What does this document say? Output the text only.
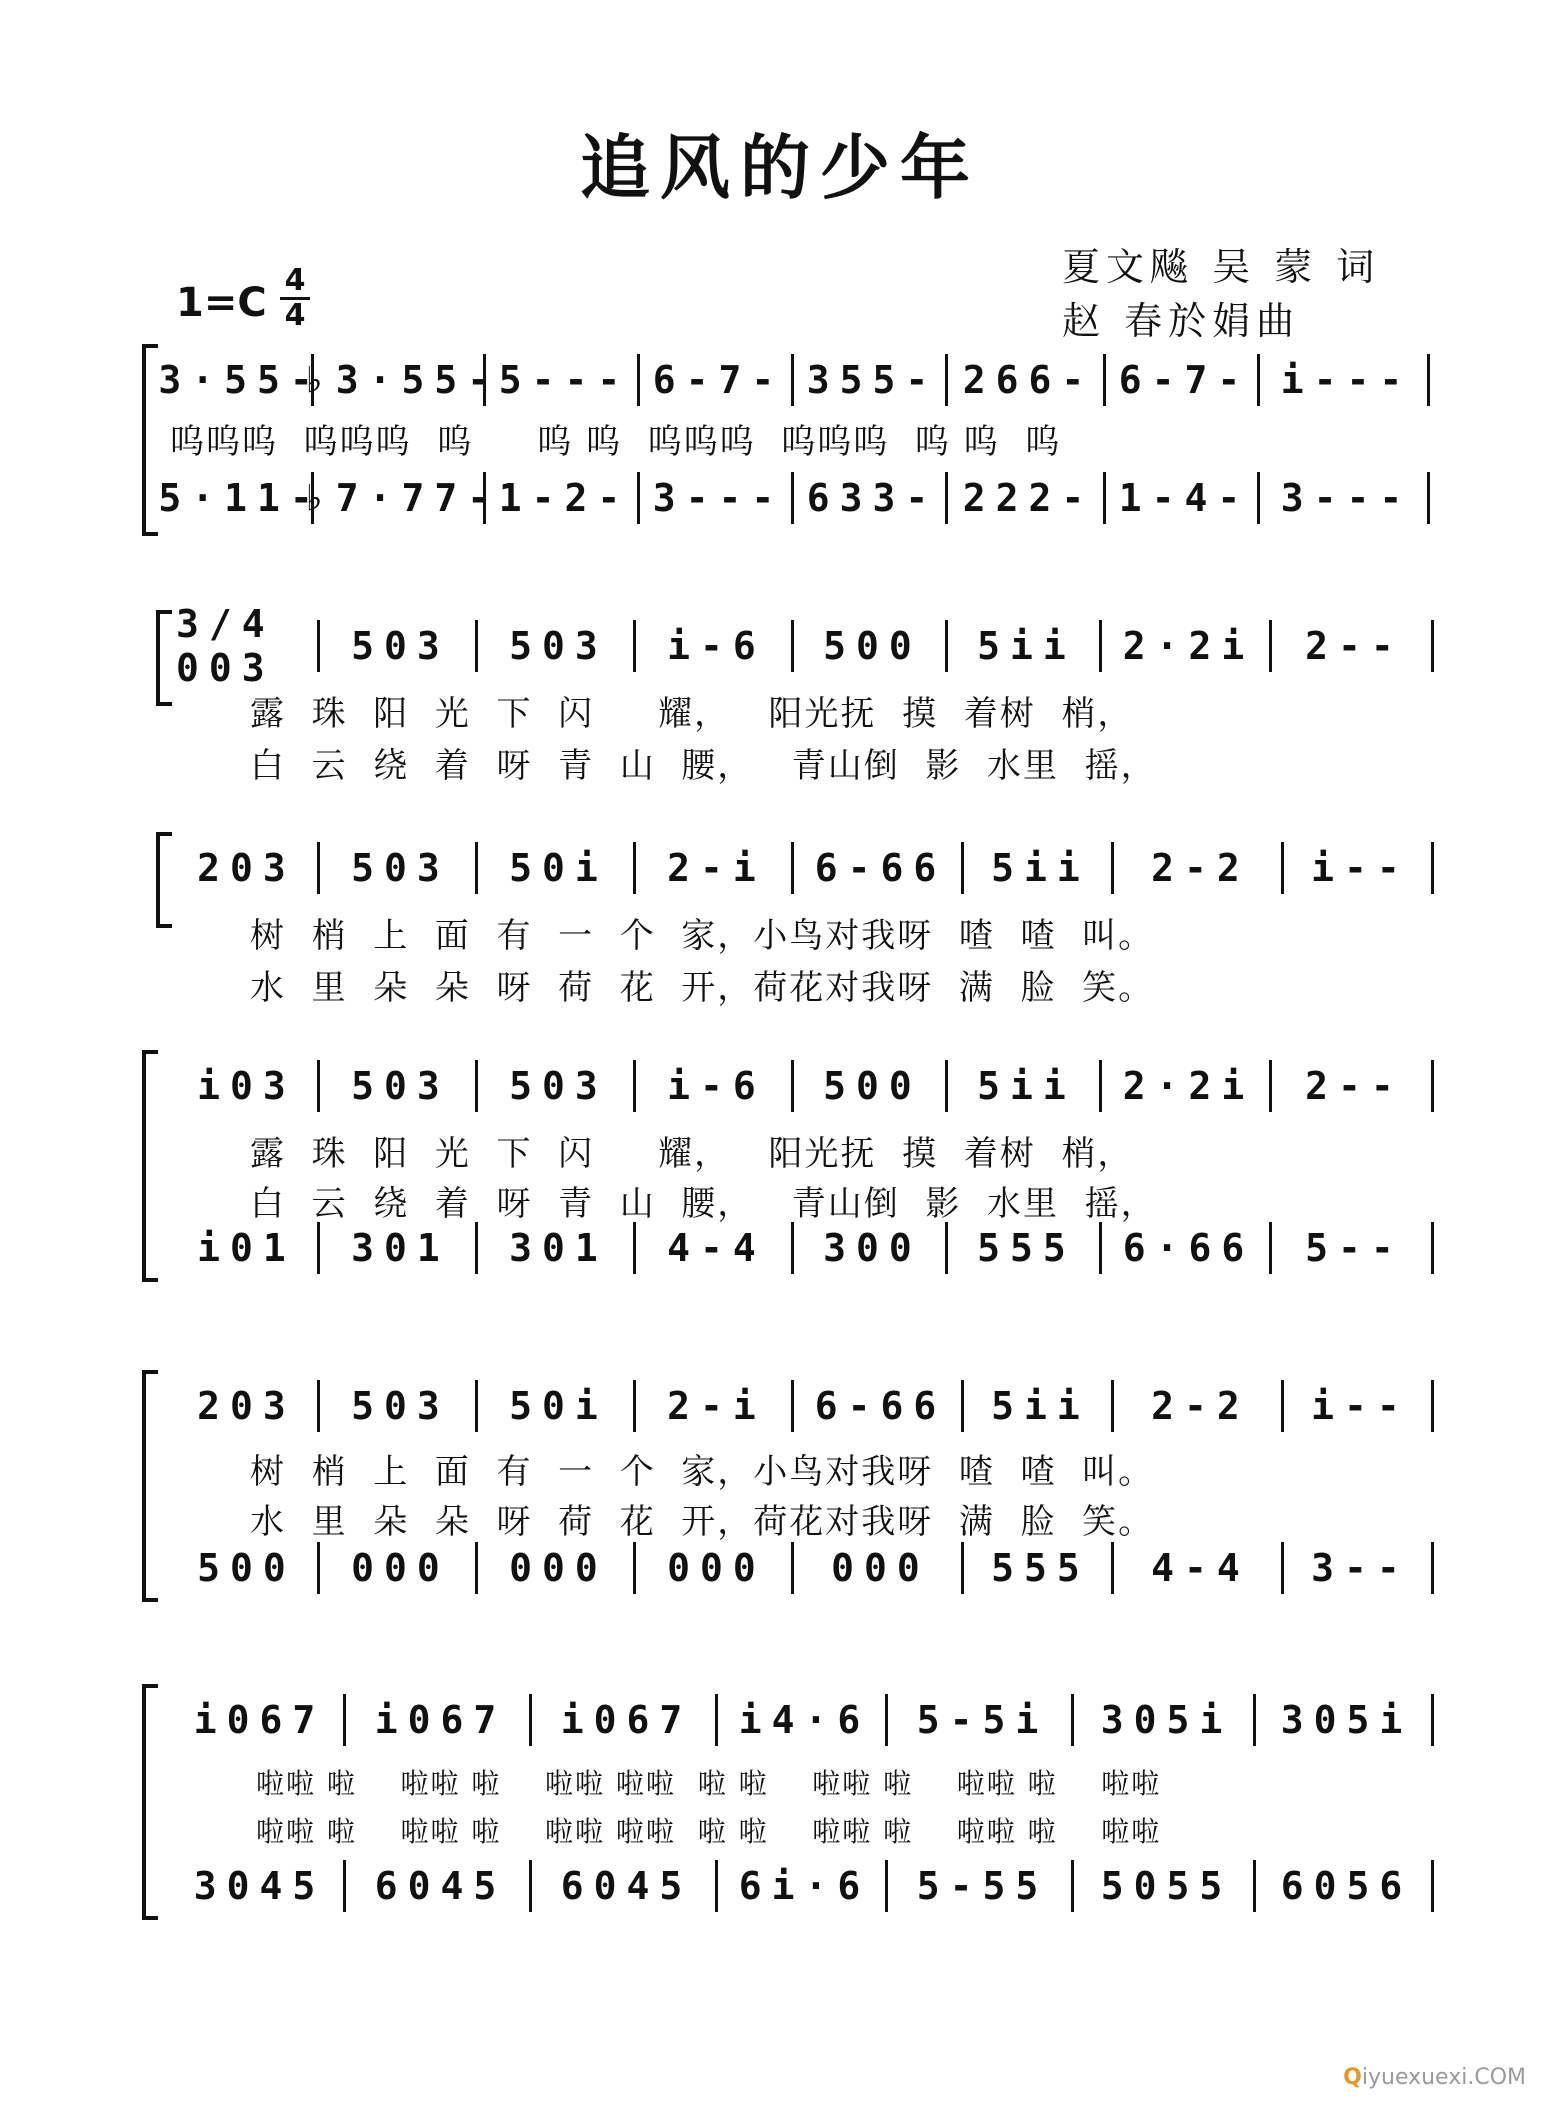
追风的少年
夏文飚 吴 蒙 词
赵 春於娟曲
1=C 4
4
3·55-
♭3·55-
5--- 6-7- 355- 266- 6-7- i---
呜呜呜  呜呜呜  呜     呜 呜  呜呜呜  呜呜呜  呜 呜  呜
5·11-
♭7·77-
1-2- 3--- 633- 222- 1-4- 3---
3/4 003	503	503	i-6	500	5ii	2·2i	2--
露  珠  阳  光  下  闪     耀，   阳光抚  摸  着树  梢，
白  云  绕  着  呀  青  山  腰，   青山倒  影  水里  摇，
203	503	50i	2-i	6-66	5ii	2-2	i--
树  梢  上  面  有  一  个  家，小鸟对我呀  喳  喳  叫。
水  里  朵  朵  呀  荷  花  开，荷花对我呀  满  脸  笑。
i03	503	503	i-6	500	5ii	2·2i	2--
露  珠  阳  光  下  闪     耀，   阳光抚  摸  着树  梢，
白  云  绕  着  呀  青  山  腰，   青山倒  影  水里  摇，
i01	301	301	4-4	300	555	6·66	5--
203	503	50i	2-i	6-66	5ii	2-2	i--
树  梢  上  面  有  一  个  家，小鸟对我呀  喳  喳  叫。
水  里  朵  朵  呀  荷  花  开，荷花对我呀  满  脸  笑。
500	000	000	000	000	555	4-4	3--
i067	i067	i067	i4·6	5-5i	305i	305i
啦啦 啦    啦啦 啦    啦啦 啦啦  啦 啦    啦啦 啦    啦啦 啦    啦啦
啦啦 啦    啦啦 啦    啦啦 啦啦  啦 啦    啦啦 啦    啦啦 啦    啦啦
3045	6045	6045	6i·6	5-55	5055	6056
Qiyuexuexi.COM
